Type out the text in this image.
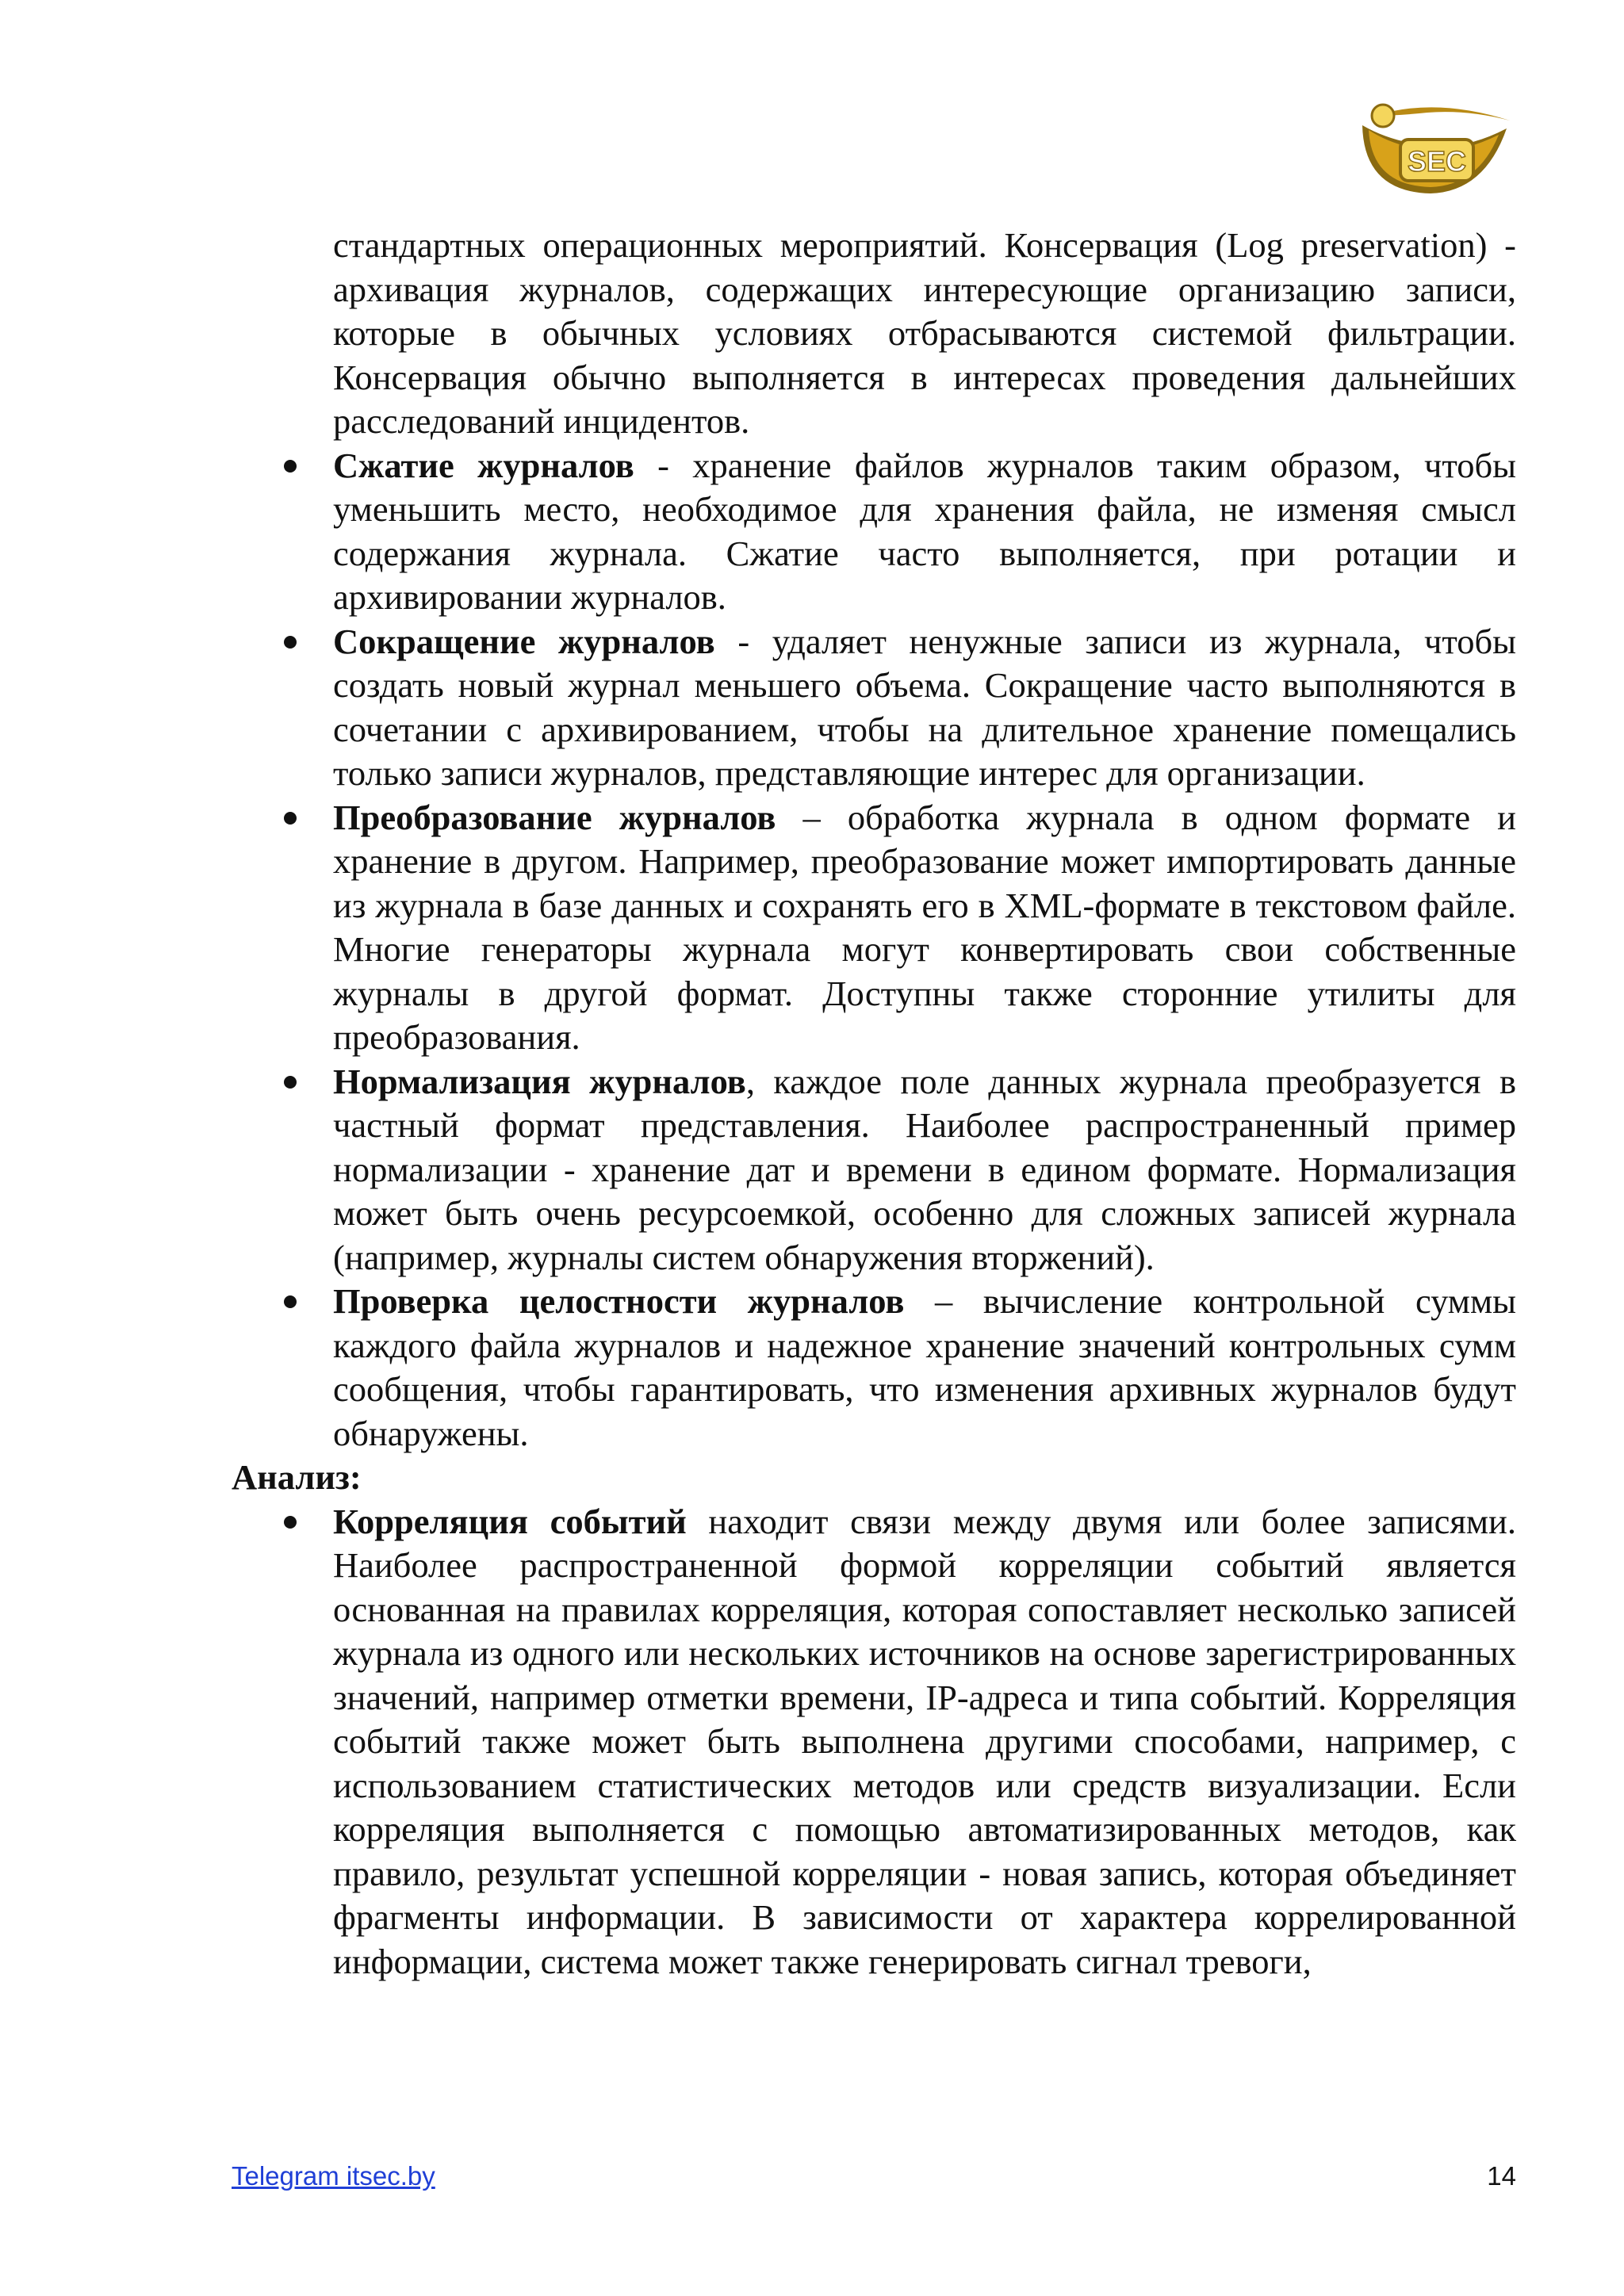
SEC

стандартных операционных мероприятий. Консервация (Log preservation) - архивация журналов, содержащих интересующие организацию записи, которые в обычных условиях отбрасываются системой фильтрации. Консервация обычно выполняется в интересах проведения дальнейших расследований инцидентов.

Сжатие журналов - хранение файлов журналов таким образом, чтобы уменьшить место, необходимое для хранения файла, не изменяя смысл содержания журнала. Сжатие часто выполняется, при ротации и архивировании журналов.

Сокращение журналов - удаляет ненужные записи из журнала, чтобы создать новый журнал меньшего объема. Сокращение часто выполняются в сочетании с архивированием, чтобы на длительное хранение помещались только записи журналов, представляющие интерес для организации.

Преобразование журналов – обработка журнала в одном формате и хранение в другом. Например, преобразование может импортировать данные из журнала в базе данных и сохранять его в XML-формате в текстовом файле. Многие генераторы журнала могут конвертировать свои собственные журналы в другой формат. Доступны также сторонние утилиты для преобразования.

Нормализация журналов, каждое поле данных журнала преобразуется в частный формат представления. Наиболее распространенный пример нормализации - хранение дат и времени в едином формате. Нормализация может быть очень ресурсоемкой, особенно для сложных записей журнала (например, журналы систем обнаружения вторжений).

Проверка целостности журналов – вычисление контрольной суммы каждого файла журналов и надежное хранение значений контрольных сумм сообщения, чтобы гарантировать, что изменения архивных журналов будут обнаружены.

Анализ:

Корреляция событий находит связи между двумя или более записями. Наиболее распространенной формой корреляции событий является основанная на правилах корреляция, которая сопоставляет несколько записей журнала из одного или нескольких источников на основе зарегистрированных значений, например отметки времени, IP-адреса и типа событий. Корреляция событий также может быть выполнена другими способами, например, с использованием статистических методов или средств визуализации. Если корреляция выполняется с помощью автоматизированных методов, как правило, результат успешной корреляции - новая запись, которая объединяет фрагменты информации. В зависимости от характера коррелированной информации, система может также генерировать сигнал тревоги,

Telegram itsec.by	14
